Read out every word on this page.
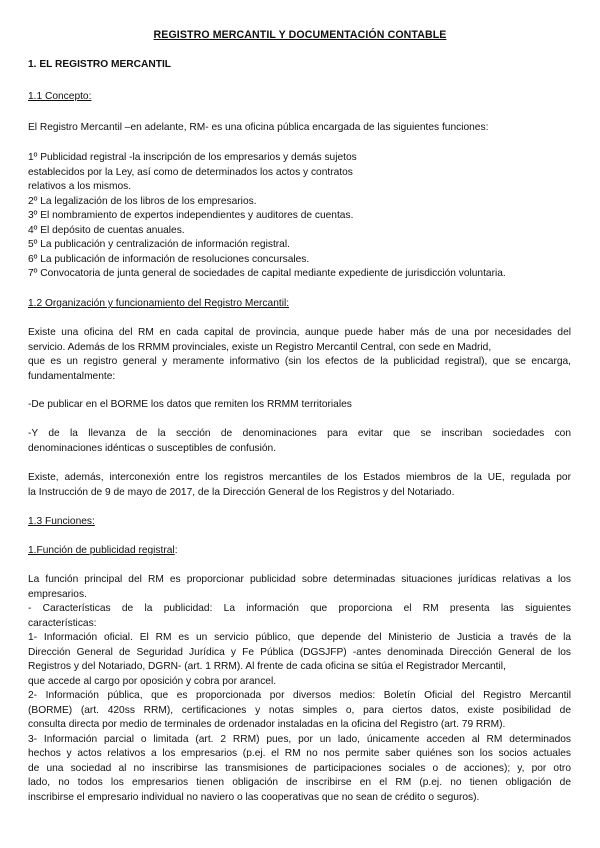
REGISTRO MERCANTIL Y DOCUMENTACIÓN CONTABLE
1. EL REGISTRO MERCANTIL
1.1 Concepto:
El Registro Mercantil –en adelante, RM- es una oficina pública encargada de las siguientes funciones:
1º Publicidad registral -la inscripción de los empresarios y demás sujetos
establecidos por la Ley, así como de determinados los actos y contratos
relativos a los mismos.
2º La legalización de los libros de los empresarios.
3º El nombramiento de expertos independientes y auditores de cuentas.
4º El depósito de cuentas anuales.
5º La publicación y centralización de información registral.
6º La publicación de información de resoluciones concursales.
7º Convocatoria de junta general de sociedades de capital mediante expediente de jurisdicción voluntaria.
1.2 Organización y funcionamiento del Registro Mercantil:
Existe una oficina del RM en cada capital de provincia, aunque puede haber más de una por necesidades del
servicio. Además de los RRMM provinciales, existe un Registro Mercantil Central, con sede en Madrid,
que es un registro general y meramente informativo (sin los efectos de la publicidad registral), que se encarga,
fundamentalmente:
-De publicar en el BORME los datos que remiten los RRMM territoriales
-Y de la llevanza de la sección de denominaciones para evitar que se inscriban sociedades con
denominaciones idénticas o susceptibles de confusión.
Existe, además, interconexión entre los registros mercantiles de los Estados miembros de la UE, regulada por
la Instrucción de 9 de mayo de 2017, de la Dirección General de los Registros y del Notariado.
1.3 Funciones:
1.Función de publicidad registral:
La función principal del RM es proporcionar publicidad sobre determinadas situaciones jurídicas relativas a los
empresarios.
- Características de la publicidad: La información que proporciona el RM presenta las siguientes
características:
1- Información oficial. El RM es un servicio público, que depende del Ministerio de Justicia a través de la
Dirección General de Seguridad Jurídica y Fe Pública (DGSJFP) -antes denominada Dirección General de los
Registros y del Notariado, DGRN- (art. 1 RRM). Al frente de cada oficina se sitúa el Registrador Mercantil,
que accede al cargo por oposición y cobra por arancel.
2- Información pública, que es proporcionada por diversos medios: Boletín Oficial del Registro Mercantil
(BORME) (art. 420ss RRM), certificaciones y notas simples o, para ciertos datos, existe posibilidad de
consulta directa por medio de terminales de ordenador instaladas en la oficina del Registro (art. 79 RRM).
3- Información parcial o limitada (art. 2 RRM) pues, por un lado, únicamente acceden al RM determinados
hechos y actos relativos a los empresarios (p.ej. el RM no nos permite saber quiénes son los socios actuales
de una sociedad al no inscribirse las transmisiones de participaciones sociales o de acciones); y, por otro
lado, no todos los empresarios tienen obligación de inscribirse en el RM (p.ej. no tienen obligación de
inscribirse el empresario individual no naviero o las cooperativas que no sean de crédito o seguros).
